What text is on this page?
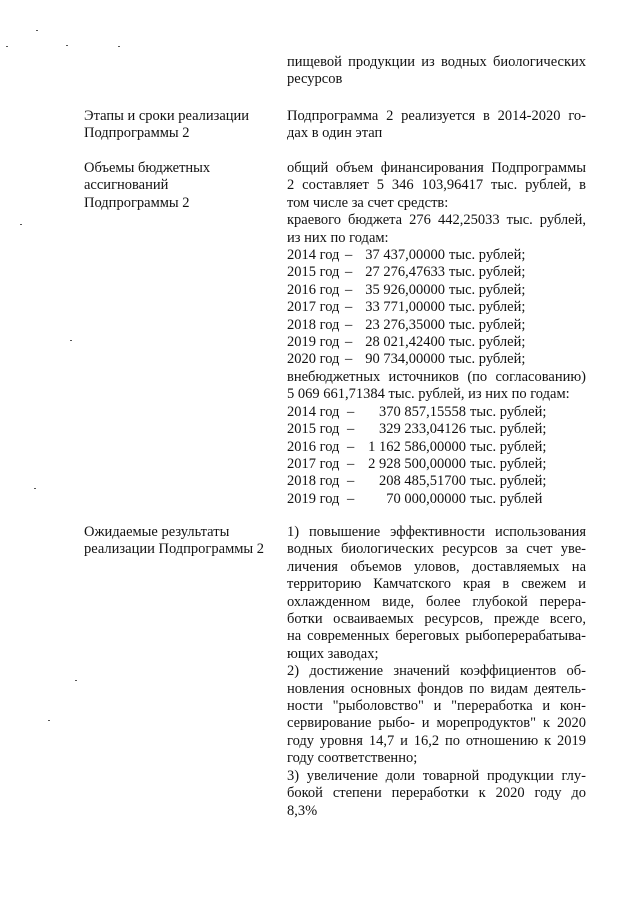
пищевой продукции из водных биологических
ресурсов
Этапы и сроки реализации
Подпрограммы 2
Подпрограмма 2 реализуется в 2014-2020 го-
дах в один этап
Объемы бюджетных
ассигнований
Подпрограммы 2
общий объем финансирования Подпрограммы
2 составляет 5 346 103,96417 тыс. рублей, в
том числе за счет средств:
краевого бюджета 276 442,25033 тыс. рублей,
из них по годам:
2014 год – 37 437,00000 тыс. рублей;
2015 год – 27 276,47633 тыс. рублей;
2016 год – 35 926,00000 тыс. рублей;
2017 год – 33 771,00000 тыс. рублей;
2018 год – 23 276,35000 тыс. рублей;
2019 год – 28 021,42400 тыс. рублей;
2020 год – 90 734,00000 тыс. рублей;
внебюджетных источников (по согласованию)
5 069 661,71384 тыс. рублей, из них по годам:
2014 год – 370 857,15558 тыс. рублей;
2015 год – 329 233,04126 тыс. рублей;
2016 год – 1 162 586,00000 тыс. рублей;
2017 год – 2 928 500,00000 тыс. рублей;
2018 год – 208 485,51700 тыс. рублей;
2019 год – 70 000,00000 тыс. рублей
Ожидаемые результаты
реализации Подпрограммы 2
1) повышение эффективности использования
водных биологических ресурсов за счет уве-
личения объемов уловов, доставляемых на
территорию Камчатского края в свежем и
охлажденном виде, более глубокой перера-
ботки осваиваемых ресурсов, прежде всего,
на современных береговых рыбоперерабатыва-
ющих заводах;
2) достижение значений коэффициентов об-
новления основных фондов по видам деятель-
ности "рыболовство" и "переработка и кон-
сервирование рыбо- и морепродуктов" к 2020
году уровня 14,7 и 16,2 по отношению к 2019
году соответственно;
3) увеличение доли товарной продукции глу-
бокой степени переработки к 2020 году до
8,3%
